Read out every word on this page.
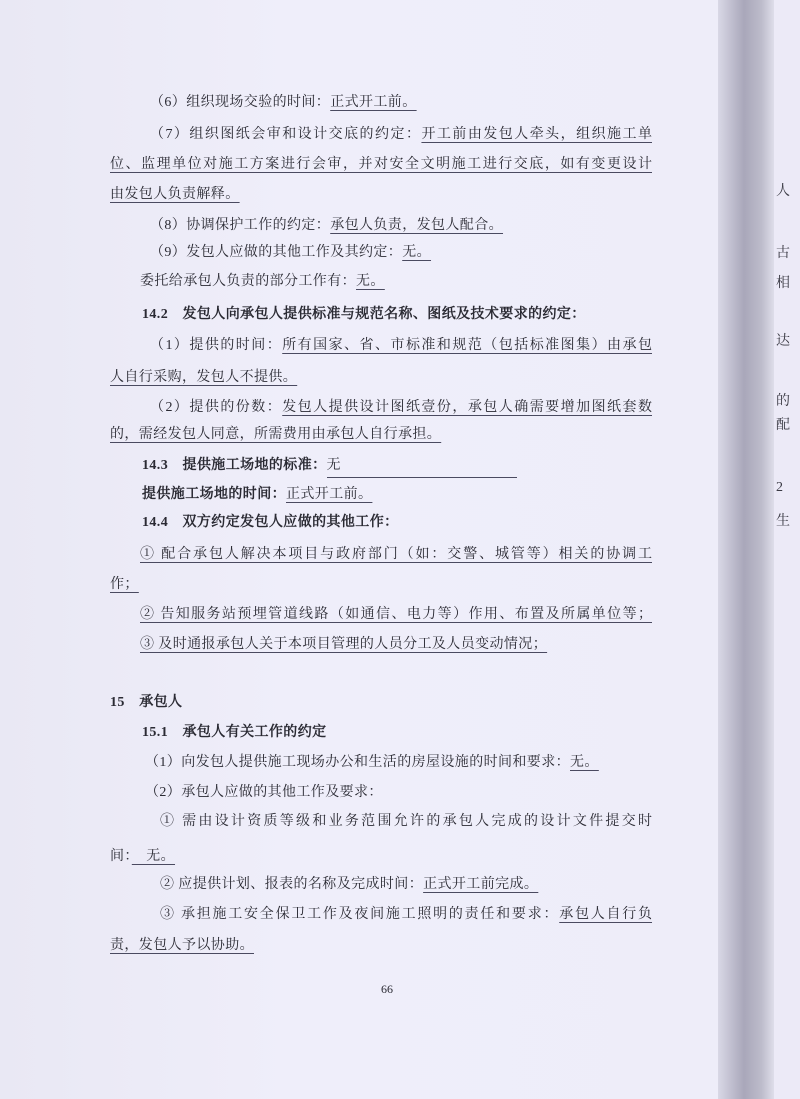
（6）组织现场交验的时间：正式开工前。
（7）组织图纸会审和设计交底的约定：开工前由发包人牵头，组织施工单
位、监理单位对施工方案进行会审，并对安全文明施工进行交底，如有变更设计
由发包人负责解释。
（8）协调保护工作的约定：承包人负责，发包人配合。
（9）发包人应做的其他工作及其约定：无。
委托给承包人负责的部分工作有：无。
14.2　发包人向承包人提供标准与规范名称、图纸及技术要求的约定：
（1）提供的时间：所有国家、省、市标准和规范（包括标准图集）由承包
人自行采购，发包人不提供。
（2）提供的份数：发包人提供设计图纸壹份，承包人确需要增加图纸套数
的，需经发包人同意，所需费用由承包人自行承担。
14.3　提供施工场地的标准：无
提供施工场地的时间：正式开工前。
14.4　双方约定发包人应做的其他工作：
① 配合承包人解决本项目与政府部门（如：交警、城管等）相关的协调工
作；
② 告知服务站预埋管道线路（如通信、电力等）作用、布置及所属单位等；
③ 及时通报承包人关于本项目管理的人员分工及人员变动情况；
15　承包人
15.1　承包人有关工作的约定
（1）向发包人提供施工现场办公和生活的房屋设施的时间和要求：无。
（2）承包人应做的其他工作及要求：
① 需由设计资质等级和业务范围允许的承包人完成的设计文件提交时
间：　无。
② 应提供计划、报表的名称及完成时间：正式开工前完成。
③ 承担施工安全保卫工作及夜间施工照明的责任和要求：承包人自行负
责，发包人予以协助。
人
古
相
达
的
配
2
生
66
